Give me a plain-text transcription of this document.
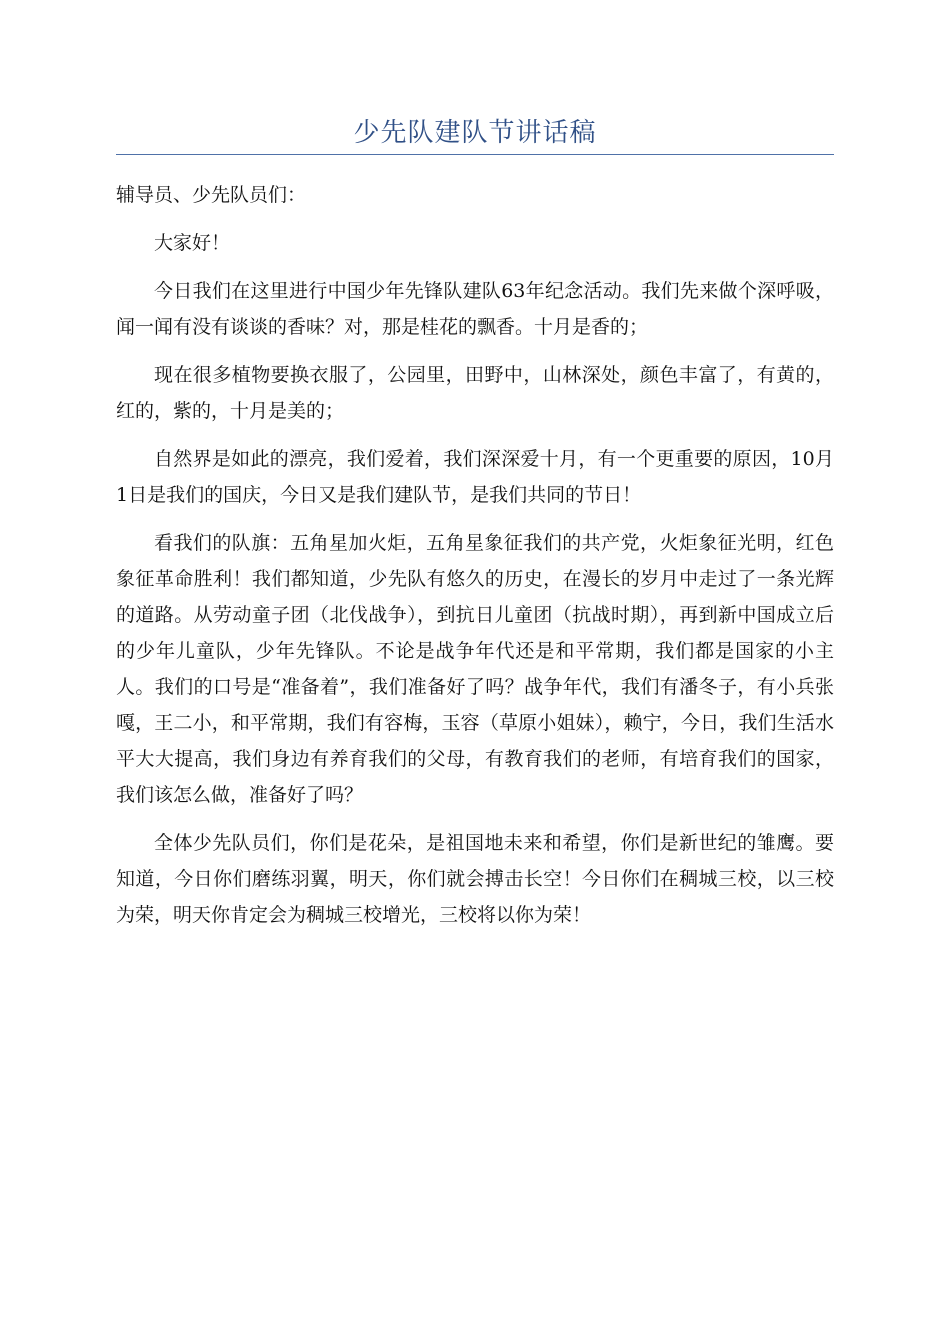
少先队建队节讲话稿

辅导员、少先队员们：

大家好！

今日我们在这里进行中国少年先锋队建队63年纪念活动。我们先来做个深呼吸，闻一闻有没有谈谈的香味？对，那是桂花的飘香。十月是香的；

现在很多植物要换衣服了，公园里，田野中，山林深处，颜色丰富了，有黄的，红的，紫的，十月是美的；

自然界是如此的漂亮，我们爱着，我们深深爱十月，有一个更重要的原因，10月1日是我们的国庆，今日又是我们建队节，是我们共同的节日！

看我们的队旗：五角星加火炬，五角星象征我们的共产党，火炬象征光明，红色象征革命胜利！我们都知道，少先队有悠久的历史，在漫长的岁月中走过了一条光辉的道路。从劳动童子团（北伐战争），到抗日儿童团（抗战时期），再到新中国成立后的少年儿童队，少年先锋队。不论是战争年代还是和平常期，我们都是国家的小主人。我们的口号是“准备着”，我们准备好了吗？战争年代，我们有潘冬子，有小兵张嘎，王二小，和平常期，我们有容梅，玉容（草原小姐妹），赖宁，今日，我们生活水平大大提高，我们身边有养育我们的父母，有教育我们的老师，有培育我们的国家，我们该怎么做，准备好了吗？

全体少先队员们，你们是花朵，是祖国地未来和希望，你们是新世纪的雏鹰。要知道，今日你们磨练羽翼，明天，你们就会搏击长空！今日你们在稠城三校，以三校为荣，明天你肯定会为稠城三校增光，三校将以你为荣！
